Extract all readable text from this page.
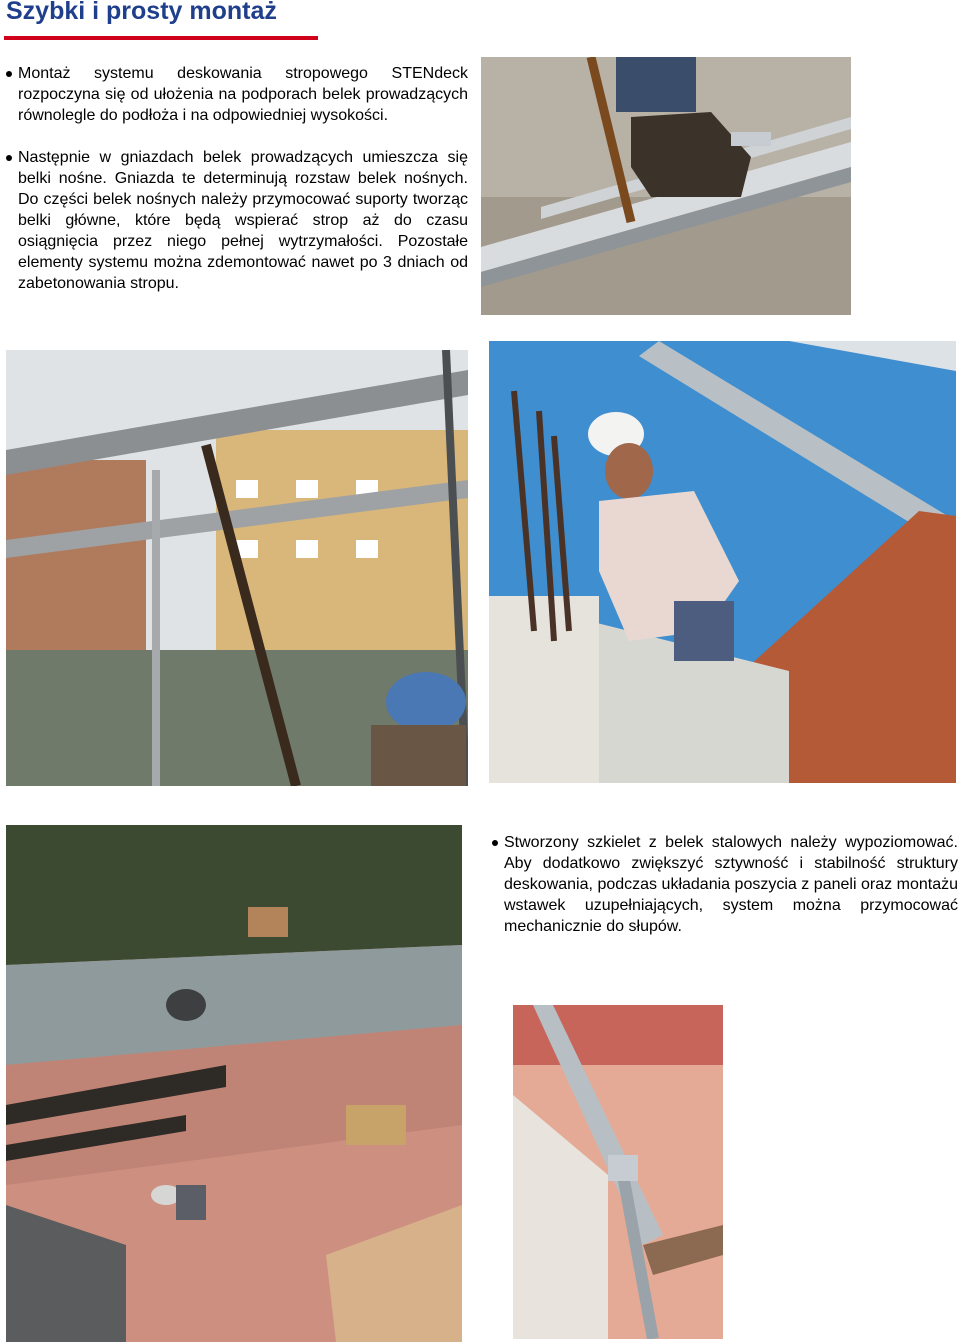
Szybki i prosty montaż
Montaż systemu deskowania stropowego STENdeck rozpoczyna się od ułożenia na podporach belek prowadzących równolegle do podłoża i na odpowiedniej wysokości.
Następnie w gniazdach belek prowadzących umieszcza się belki nośne. Gniazda te determinują rozstaw belek nośnych. Do części belek nośnych należy przymocować suporty tworząc belki główne, które będą wspierać strop aż do czasu osiągnięcia przez niego pełnej wytrzymałości. Pozostałe elementy systemu można zdemontować nawet po 3 dniach od zabetonowania stropu.
Stworzony szkielet z belek stalowych należy wypoziomować. Aby dodatkowo zwiększyć sztywność i stabilność struktury deskowania, podczas układania poszycia z paneli oraz montażu wstawek uzupełniających, system można przymocować mechanicznie do słupów.
